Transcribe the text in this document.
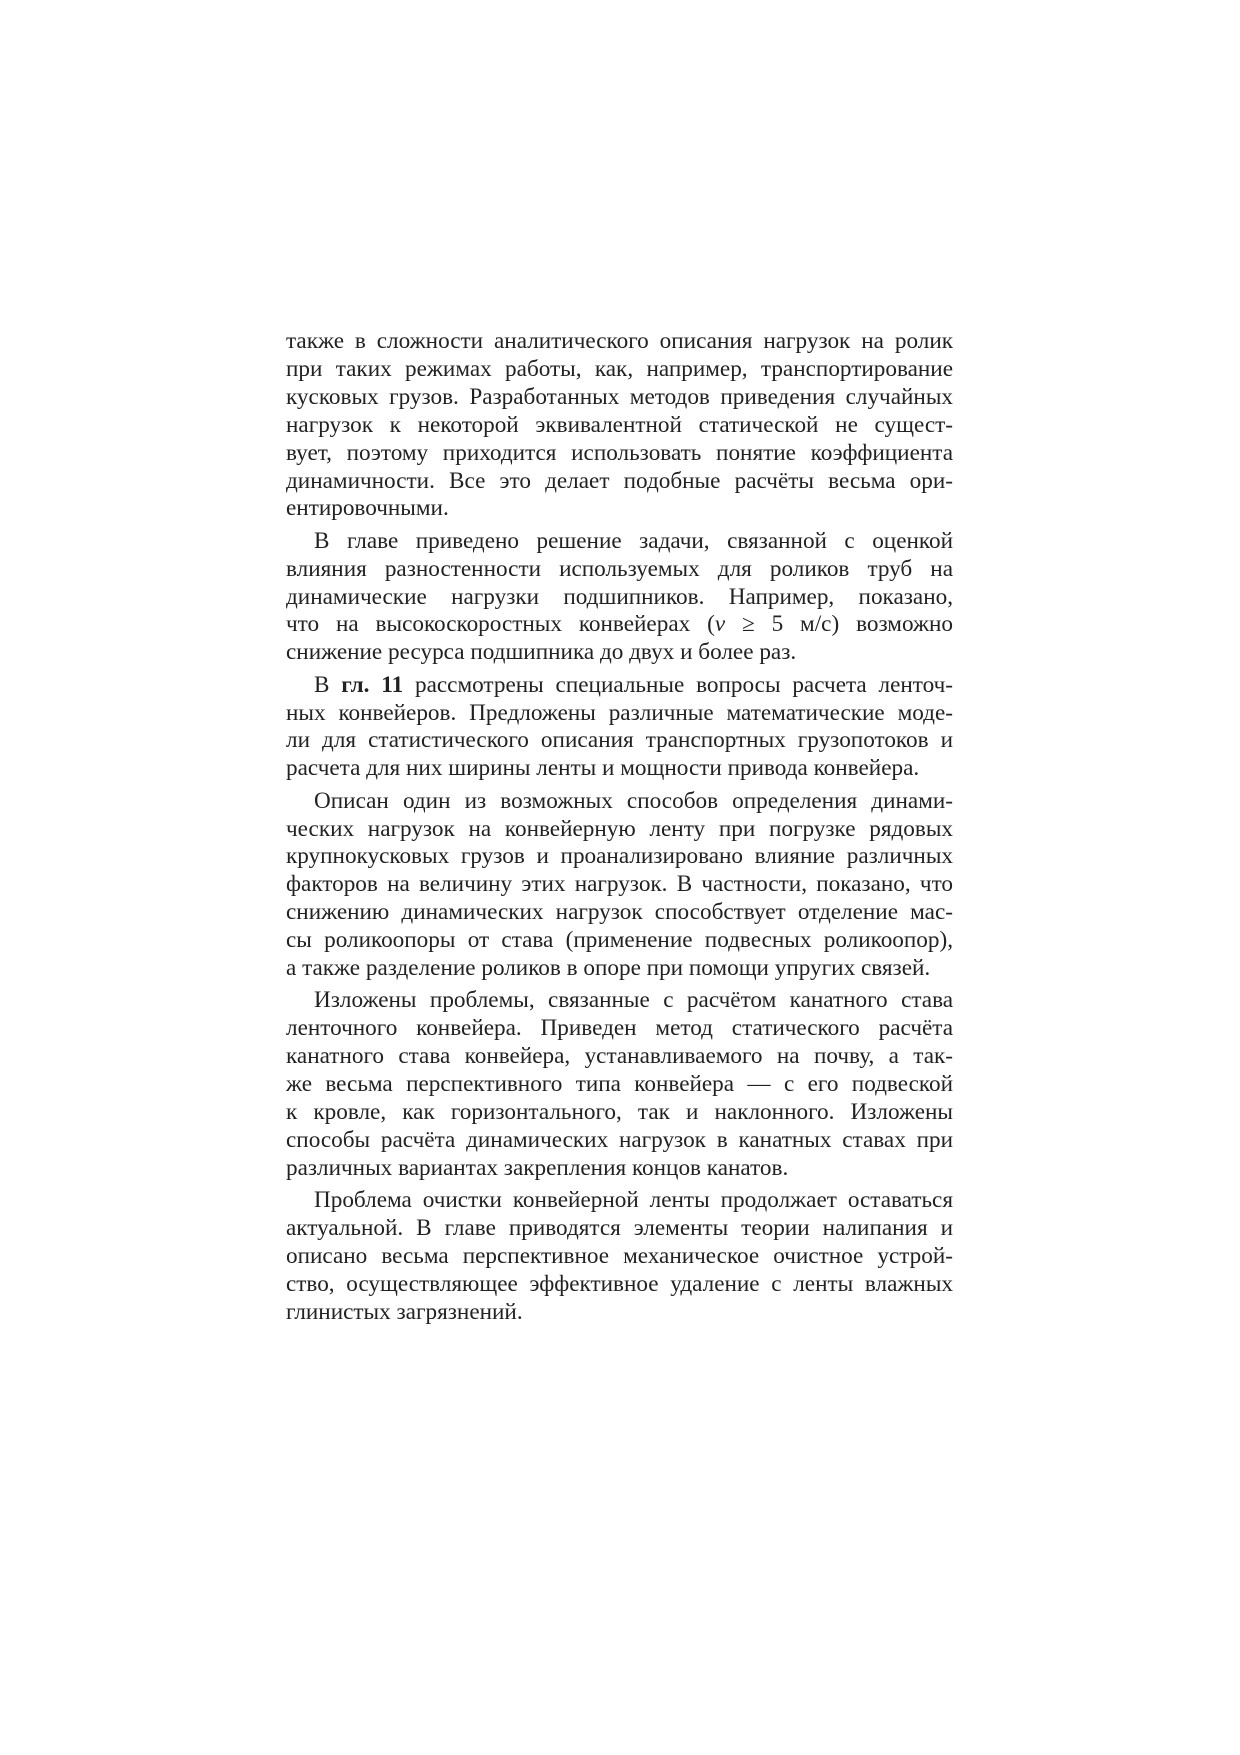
также в сложности аналитического описания нагрузок на ролик
при таких режимах работы, как, например, транспортирование
кусковых грузов. Разработанных методов приведения случайных
нагрузок к некоторой эквивалентной статической не сущест-
вует, поэтому приходится использовать понятие коэффициента
динамичности. Все это делает подобные расчёты весьма ори-
ентировочными.
В главе приведено решение задачи, связанной с оценкой
влияния разностенности используемых для роликов труб на
динамические нагрузки подшипников. Например, показано,
что на высокоскоростных конвейерах (v ≥ 5 м/с) возможно
снижение ресурса подшипника до двух и более раз.
В гл. 11 рассмотрены специальные вопросы расчета ленточ-
ных конвейеров. Предложены различные математические моде-
ли для статистического описания транспортных грузопотоков и
расчета для них ширины ленты и мощности привода конвейера.
Описан один из возможных способов определения динами-
ческих нагрузок на конвейерную ленту при погрузке рядовых
крупнокусковых грузов и проанализировано влияние различных
факторов на величину этих нагрузок. В частности, показано, что
снижению динамических нагрузок способствует отделение мас-
сы роликоопоры от става (применение подвесных роликоопор),
а также разделение роликов в опоре при помощи упругих связей.
Изложены проблемы, связанные с расчётом канатного става
ленточного конвейера. Приведен метод статического расчёта
канатного става конвейера, устанавливаемого на почву, а так-
же весьма перспективного типа конвейера — с его подвеской
к кровле, как горизонтального, так и наклонного. Изложены
способы расчёта динамических нагрузок в канатных ставах при
различных вариантах закрепления концов канатов.
Проблема очистки конвейерной ленты продолжает оставаться
актуальной. В главе приводятся элементы теории налипания и
описано весьма перспективное механическое очистное устрой-
ство, осуществляющее эффективное удаление с ленты влажных
глинистых загрязнений.
